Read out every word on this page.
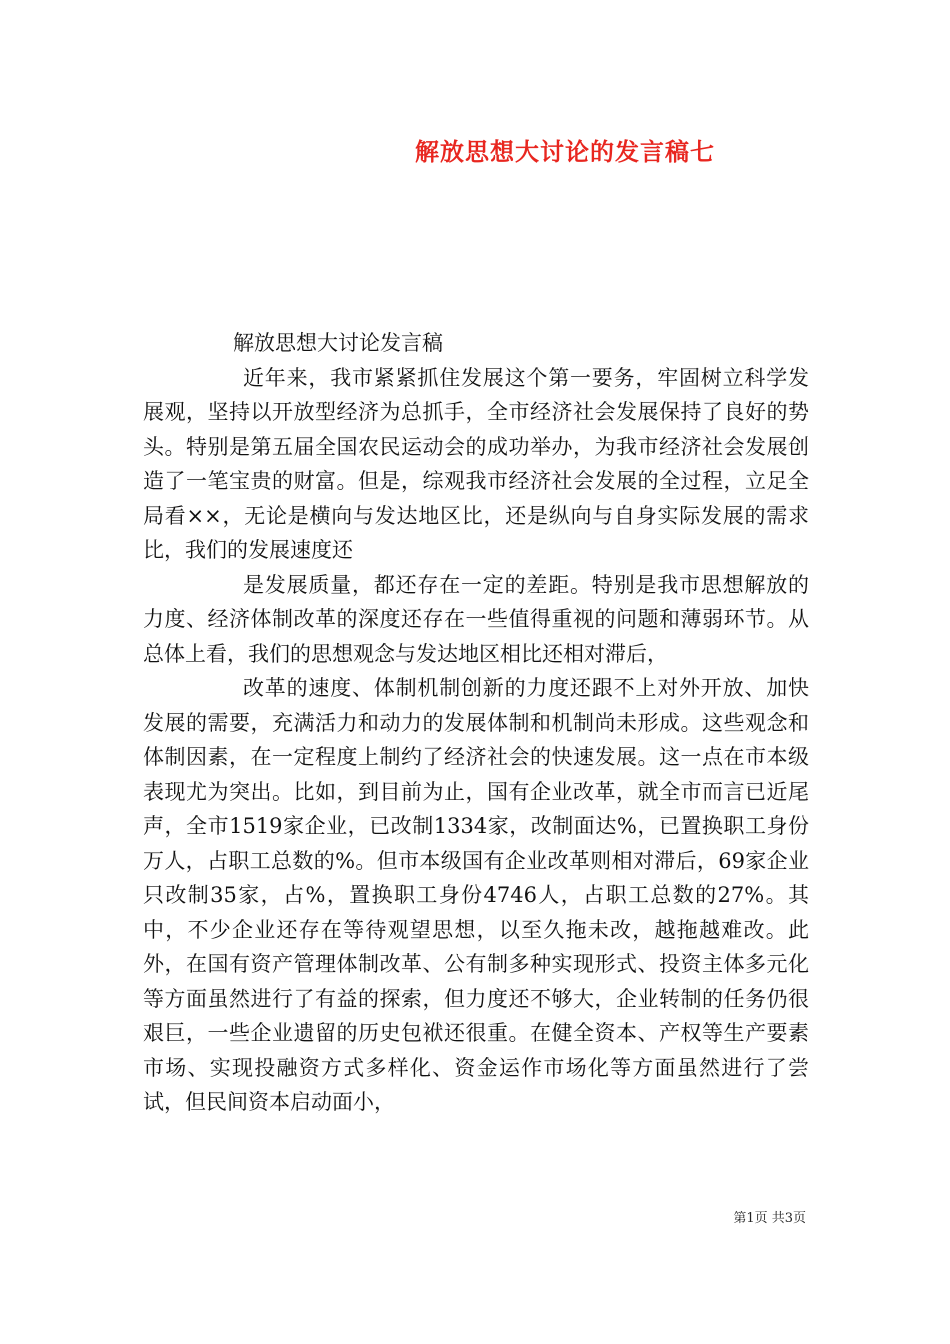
解放思想大讨论的发言稿七

解放思想大讨论发言稿

近年来，我市紧紧抓住发展这个第一要务，牢固树立科学发展观，坚持以开放型经济为总抓手，全市经济社会发展保持了良好的势头。特别是第五届全国农民运动会的成功举办，为我市经济社会发展创造了一笔宝贵的财富。但是，综观我市经济社会发展的全过程，立足全局看××，无论是横向与发达地区比，还是纵向与自身实际发展的需求比，我们的发展速度还

是发展质量，都还存在一定的差距。特别是我市思想解放的力度、经济体制改革的深度还存在一些值得重视的问题和薄弱环节。从总体上看，我们的思想观念与发达地区相比还相对滞后，

改革的速度、体制机制创新的力度还跟不上对外开放、加快发展的需要，充满活力和动力的发展体制和机制尚未形成。这些观念和体制因素，在一定程度上制约了经济社会的快速发展。这一点在市本级表现尤为突出。比如，到目前为止，国有企业改革，就全市而言已近尾声，全市1519家企业，已改制1334家，改制面达%，已置换职工身份万人，占职工总数的%。但市本级国有企业改革则相对滞后，69家企业只改制35家，占%，置换职工身份4746人，占职工总数的27%。其中，不少企业还存在等待观望思想，以至久拖未改，越拖越难改。此外，在国有资产管理体制改革、公有制多种实现形式、投资主体多元化等方面虽然进行了有益的探索，但力度还不够大，企业转制的任务仍很艰巨，一些企业遗留的历史包袱还很重。在健全资本、产权等生产要素市场、实现投融资方式多样化、资金运作市场化等方面虽然进行了尝试，但民间资本启动面小，

第1页 共3页
